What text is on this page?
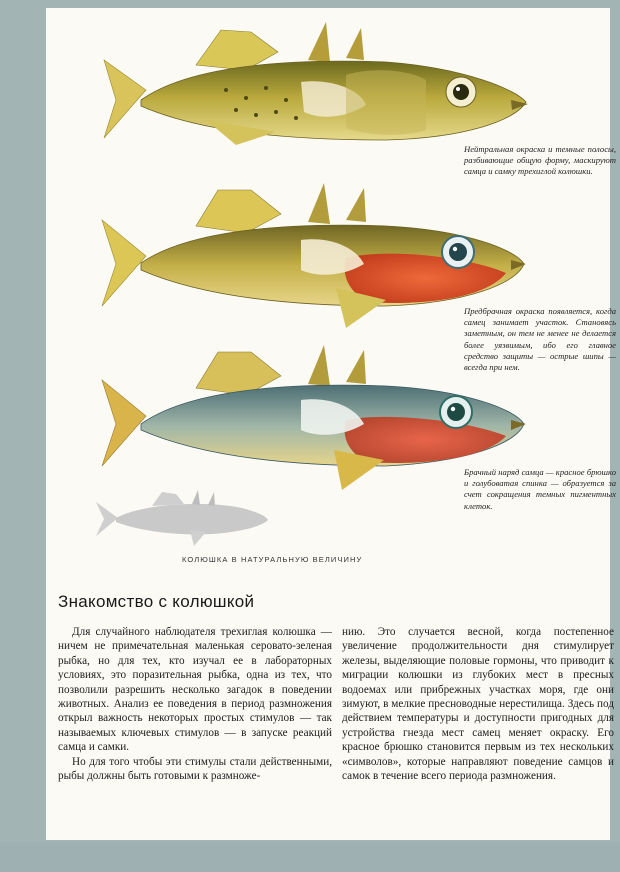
Нейтральная окраска и темные полосы, разбивающие общую форму, маскируют самца и самку трехиглой колюшки.
Предбрачная окраска появляется, когда самец занимает участок. Становясь заметным, он тем не менее не делается более уязвимым, ибо его главное средство защиты — острые шипы — всегда при нем.
Брачный наряд самца — красное брюшко и голубоватая спинка — образуется за счет сокращения темных пигментных клеток.
КОЛЮШКА В НАТУРАЛЬНУЮ ВЕЛИЧИНУ
Знакомство с колюшкой

Для случайного наблюдателя трехиглая колюшка — ничем не примечательная маленькая серовато-зеленая рыбка, но для тех, кто изучал ее в лабораторных условиях, это поразительная рыбка, одна из тех, что позволили разрешить несколько загадок в поведении животных. Анализ ее поведения в период размножения открыл важность некоторых простых стимулов — так называемых ключевых стимулов — в запуске реакций самца и самки.

Но для того чтобы эти стимулы стали действенными, рыбы должны быть готовыми к размноже-

нию. Это случается весной, когда постепенное увеличение продолжительности дня стимулирует железы, выделяющие половые гормоны, что приводит к миграции колюшки из глубоких мест в пресных водоемах или прибрежных участках моря, где они зимуют, в мелкие пресноводные нерестилища. Здесь под действием температуры и доступности пригодных для устройства гнезда мест самец меняет окраску. Его красное брюшко становится первым из тех нескольких «символов», которые направляют поведение самцов и самок в течение всего периода размножения.
